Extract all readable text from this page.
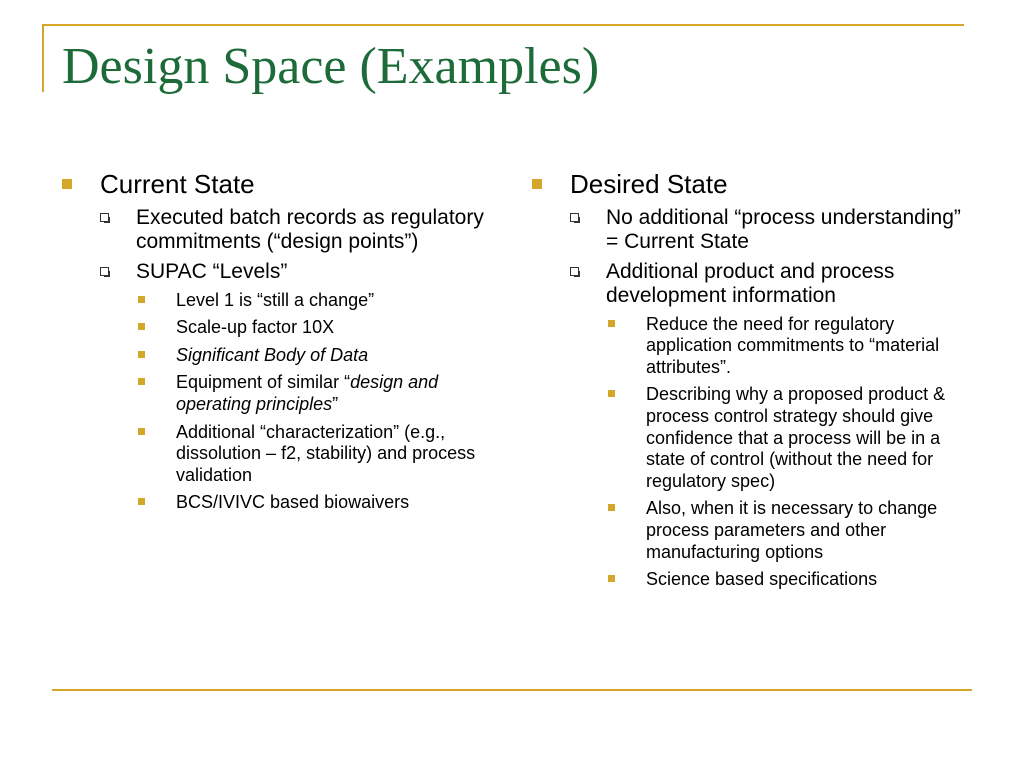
Design Space (Examples)
Current State
Executed batch records as regulatory commitments (“design points”)
SUPAC “Levels”
Level 1 is “still a change”
Scale-up factor 10X
Significant Body of Data
Equipment of similar “design and operating principles”
Additional “characterization” (e.g., dissolution – f2, stability) and process validation
BCS/IVIVC based biowaivers
Desired State
No additional “process understanding” = Current State
Additional product and process development information
Reduce the need for regulatory application commitments to “material attributes”.
Describing why a proposed product & process control strategy should give confidence that a process will be in a state of control (without the need for regulatory spec)
Also, when it is necessary to change process parameters and other manufacturing options
Science based specifications
